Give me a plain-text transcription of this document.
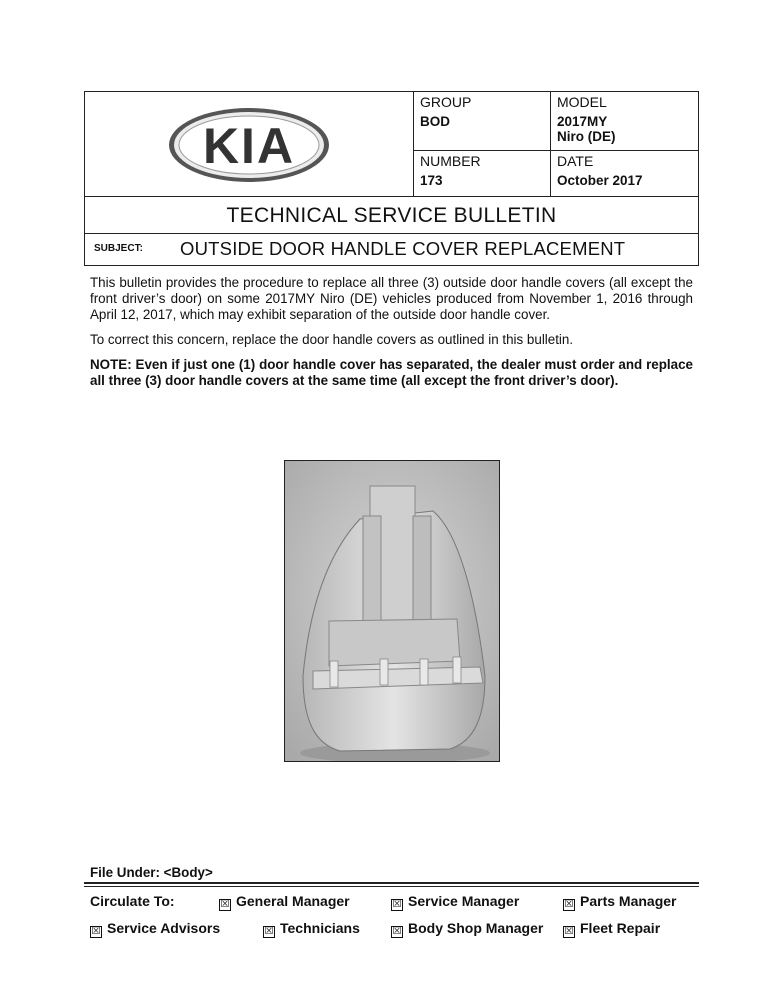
KIA
GROUP
BOD
MODEL
2017MY
Niro (DE)
NUMBER
173
DATE
October 2017
TECHNICAL SERVICE BULLETIN
SUBJECT: OUTSIDE DOOR HANDLE COVER REPLACEMENT

This bulletin provides the procedure to replace all three (3) outside door handle covers (all except the front driver’s door) on some 2017MY Niro (DE) vehicles produced from November 1, 2016 through April 12, 2017, which may exhibit separation of the outside door handle cover.

To correct this concern, replace the door handle covers as outlined in this bulletin.

NOTE: Even if just one (1) door handle cover has separated, the dealer must order and replace all three (3) door handle covers at the same time (all except the front driver’s door).

File Under: <Body>
Circulate To:	☒ General Manager	☒ Service Manager	☒ Parts Manager
☒ Service Advisors	☒ Technicians	☒ Body Shop Manager ☒ Fleet Repair
